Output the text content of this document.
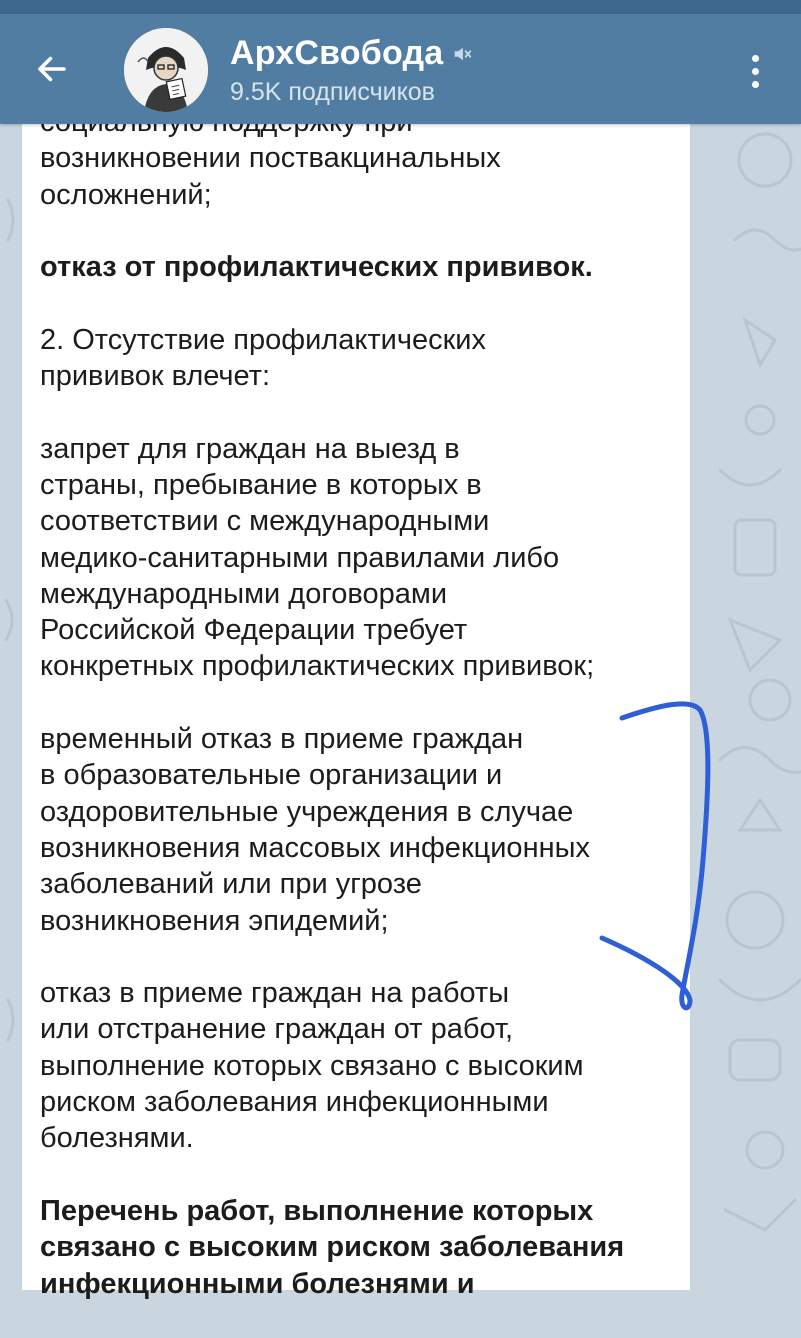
возникновении поствакцинальных
осложнений;
отказ от профилактических прививок.
2. Отсутствие профилактических
прививок влечет:
запрет для граждан на выезд в
страны, пребывание в которых в
соответствии с международными
медико-санитарными правилами либо
международными договорами
Российской Федерации требует
конкретных профилактических прививок;
временный отказ в приеме граждан
в образовательные организации и
оздоровительные учреждения в случае
возникновения массовых инфекционных
заболеваний или при угрозе
возникновения эпидемий;
отказ в приеме граждан на работы
или отстранение граждан от работ,
выполнение которых связано с высоким
риском заболевания инфекционными
болезнями.
Перечень работ, выполнение которых
связано с высоким риском заболевания
инфекционными болезнями и
АрхСвобода
9.5K подписчиков
